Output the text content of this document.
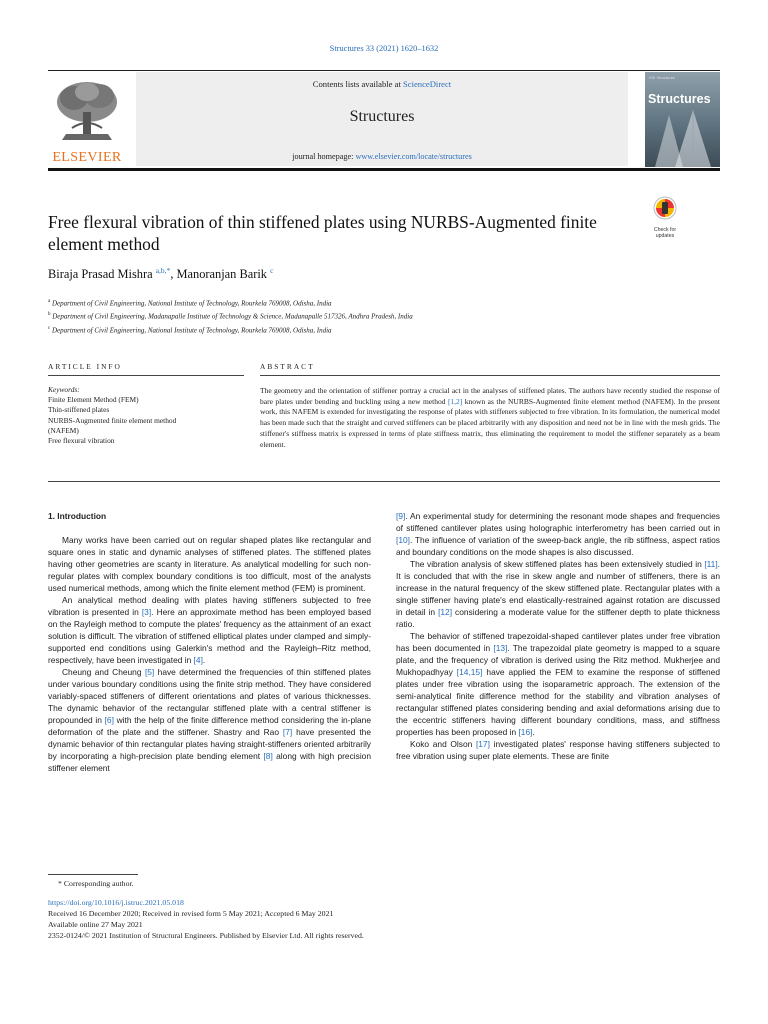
Structures 33 (2021) 1620–1632
ELSEVIER
Contents lists available at ScienceDirect
Structures
journal homepage: www.elsevier.com/locate/structures
ISE Structures
Structures
Free flexural vibration of thin stiffened plates using NURBS-Augmented finite element method
Check for updates
Biraja Prasad Mishra $^{a,b,*}$, Manoranjan Barik $^c$
$^a$ Department of Civil Engineering, National Institute of Technology, Rourkela 769008, Odisha, India
$^b$ Department of Civil Engineering, Madanapalle Institute of Technology & Science, Madanapalle 517326, Andhra Pradesh, India
$^c$ Department of Civil Engineering, National Institute of Technology, Rourkela 769008, Odisha, India
ARTICLE INFO	ABSTRACT
Keywords:
Finite Element Method (FEM)
Thin-stiffened plates
NURBS-Augmented finite element method
(NAFEM)
Free flexural vibration
The geometry and the orientation of stiffener portray a crucial act in the analyses of stiffened plates. The authors have recently studied the response of bare plates under bending and buckling using a new method [1,2] known as the NURBS-Augmented finite element method (NAFEM). In the present work, this NAFEM is extended for investigating the response of plates with stiffeners subjected to free vibration. In its formulation, the numerical model has been made such that the straight and curved stiffeners can be placed arbitrarily with any disposition and need not be in line with the mesh grids. The stiffener's stiffness matrix is expressed in terms of plate stiffness matrix, thus eliminating the requirement to model the stiffener separately as a beam element.
1. Introduction

Many works have been carried out on regular shaped plates like rectangular and square ones in static and dynamic analyses of stiffened plates. The stiffened plates having other geometries are scanty in literature. As analytical modelling for such non-regular plates with complex boundary conditions is too difficult, most of the analysts used numerical methods, among which the finite element method (FEM) is prominent.

An analytical method dealing with plates having stiffeners subjected to free vibration is presented in [3]. Here an approximate method has been employed based on the Rayleigh method to compute the plates' frequency as the attainment of an exact solution is difficult. The vibration of stiffened elliptical plates under clamped and simply-supported end conditions using Galerkin's method and the Rayleigh–Ritz method, respectively, have been investigated in [4].

Cheung and Cheung [5] have determined the frequencies of thin stiffened plates under various boundary conditions using the finite strip method. They have considered variably-spaced stiffeners of different orientations and plates of various thicknesses. The dynamic behavior of the rectangular stiffened plate with a central stiffener is propounded in [6] with the help of the finite difference method considering the in-plane deformation of the plate and the stiffener. Shastry and Rao [7] have presented the dynamic behavior of thin rectangular plates having straight-stiffeners oriented arbitrarily by incorporating a high-precision plate bending element [8] along with high precision stiffener element

[9]. An experimental study for determining the resonant mode shapes and frequencies of stiffened cantilever plates using holographic interferometry has been carried out in [10]. The influence of variation of the sweep-back angle, the rib stiffness, aspect ratios and boundary conditions on the mode shapes is also discussed.

The vibration analysis of skew stiffened plates has been extensively studied in [11]. It is concluded that with the rise in skew angle and number of stiffeners, there is an increase in the natural frequency of the skew stiffened plate. Rectangular plates with a single stiffener having plate's end elastically-restrained against rotation are discussed in detail in [12] considering a moderate value for the stiffener depth to plate thickness ratio.

The behavior of stiffened trapezoidal-shaped cantilever plates under free vibration has been documented in [13]. The trapezoidal plate geometry is mapped to a square plate, and the frequency of vibration is derived using the Ritz method. Mukherjee and Mukhopadhyay [14,15] have applied the FEM to examine the response of stiffened plates under free vibration using the isoparametric approach. The extension of the semi-analytical finite difference method for the stability and vibration analyses of rectangular stiffened plates considering bending and axial deformations arising due to the eccentric stiffeners having different boundary conditions, mass, and stiffness properties has been proposed in [16].

Koko and Olson [17] investigated plates' response having stiffeners subjected to free vibration using super plate elements. These are finite

* Corresponding author.
https://doi.org/10.1016/j.istruc.2021.05.018
Received 16 December 2020; Received in revised form 5 May 2021; Accepted 6 May 2021
Available online 27 May 2021
2352-0124/© 2021 Institution of Structural Engineers. Published by Elsevier Ltd. All rights reserved.
